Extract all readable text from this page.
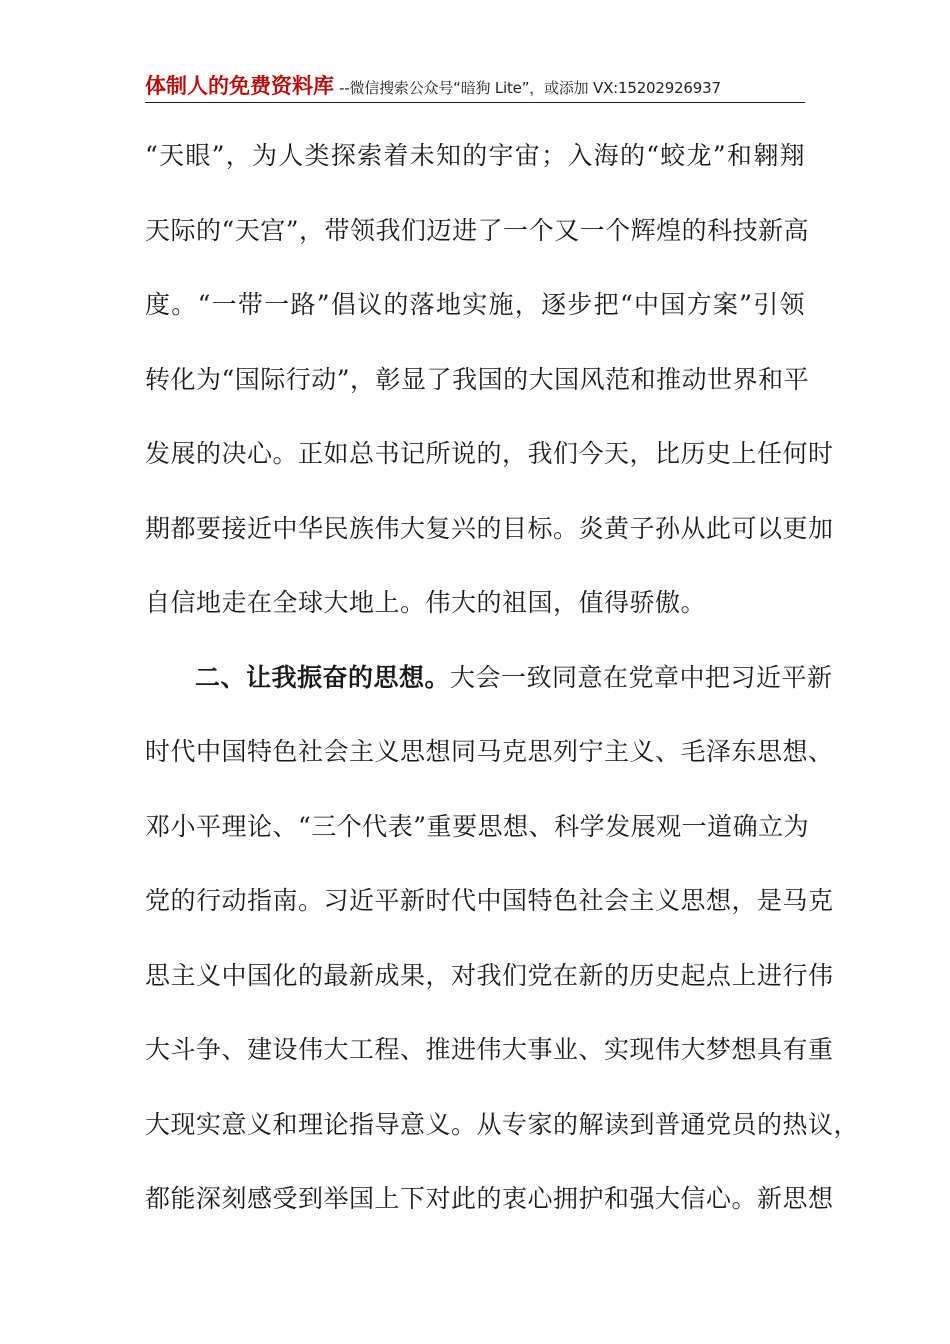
体制人的免费资料库 --微信搜索公众号“暗狗 Lite”，或添加 VX:15202926937
“天眼”，为人类探索着未知的宇宙；入海的“蛟龙”和翱翔
天际的“天宫”，带领我们迈进了一个又一个辉煌的科技新高
度。“一带一路”倡议的落地实施，逐步把“中国方案”引领
转化为“国际行动”，彰显了我国的大国风范和推动世界和平
发展的决心。正如总书记所说的，我们今天，比历史上任何时
期都要接近中华民族伟大复兴的目标。炎黄子孙从此可以更加
自信地走在全球大地上。伟大的祖国，值得骄傲。
二、让我振奋的思想。大会一致同意在党章中把习近平新
时代中国特色社会主义思想同马克思列宁主义、毛泽东思想、
邓小平理论、“三个代表”重要思想、科学发展观一道确立为
党的行动指南。习近平新时代中国特色社会主义思想，是马克
思主义中国化的最新成果，对我们党在新的历史起点上进行伟
大斗争、建设伟大工程、推进伟大事业、实现伟大梦想具有重
大现实意义和理论指导意义。从专家的解读到普通党员的热议，
都能深刻感受到举国上下对此的衷心拥护和强大信心。新思想
